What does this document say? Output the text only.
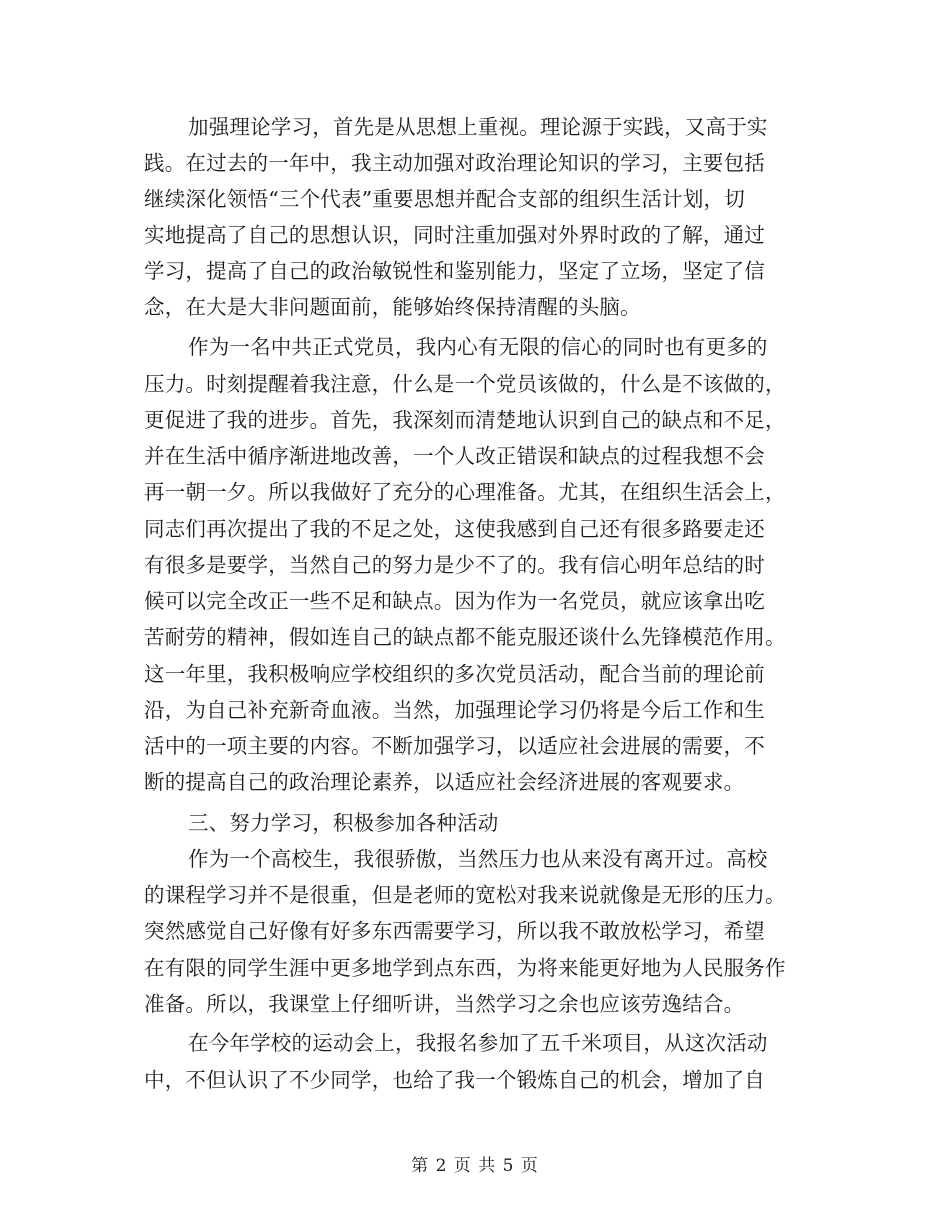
加强理论学习，首先是从思想上重视。理论源于实践，又高于实
践。在过去的一年中，我主动加强对政治理论知识的学习，主要包括
继续深化领悟“三个代表”重要思想并配合支部的组织生活计划，切
实地提高了自己的思想认识，同时注重加强对外界时政的了解，通过
学习，提高了自己的政治敏锐性和鉴别能力，坚定了立场，坚定了信
念，在大是大非问题面前，能够始终保持清醒的头脑。
作为一名中共正式党员，我内心有无限的信心的同时也有更多的
压力。时刻提醒着我注意，什么是一个党员该做的，什么是不该做的，
更促进了我的进步。首先，我深刻而清楚地认识到自己的缺点和不足，
并在生活中循序渐进地改善，一个人改正错误和缺点的过程我想不会
再一朝一夕。所以我做好了充分的心理准备。尤其，在组织生活会上，
同志们再次提出了我的不足之处，这使我感到自己还有很多路要走还
有很多是要学，当然自己的努力是少不了的。我有信心明年总结的时
候可以完全改正一些不足和缺点。因为作为一名党员，就应该拿出吃
苦耐劳的精神，假如连自己的缺点都不能克服还谈什么先锋模范作用。
这一年里，我积极响应学校组织的多次党员活动，配合当前的理论前
沿，为自己补充新奇血液。当然，加强理论学习仍将是今后工作和生
活中的一项主要的内容。不断加强学习，以适应社会进展的需要，不
断的提高自己的政治理论素养，以适应社会经济进展的客观要求。
三、努力学习，积极参加各种活动
作为一个高校生，我很骄傲，当然压力也从来没有离开过。高校
的课程学习并不是很重，但是老师的宽松对我来说就像是无形的压力。
突然感觉自己好像有好多东西需要学习，所以我不敢放松学习，希望
在有限的同学生涯中更多地学到点东西，为将来能更好地为人民服务作
准备。所以，我课堂上仔细听讲，当然学习之余也应该劳逸结合。
在今年学校的运动会上，我报名参加了五千米项目，从这次活动
中，不但认识了不少同学，也给了我一个锻炼自己的机会，增加了自
第 2 页 共 5 页
